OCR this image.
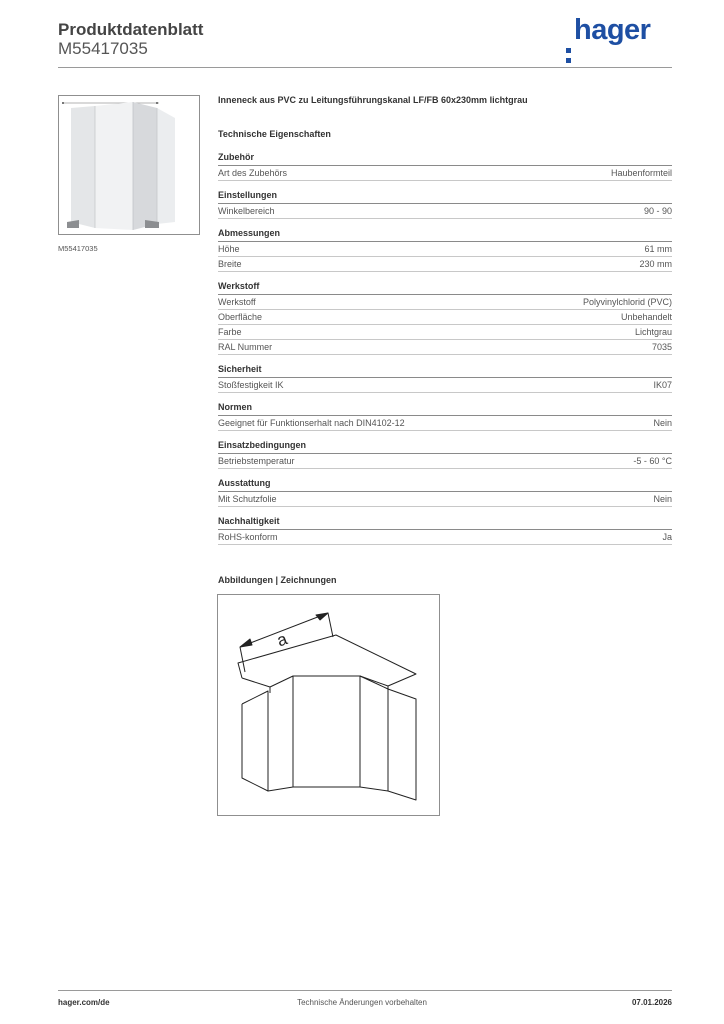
Produktdatenblatt
M55417035
hager
M55417035
Inneneck aus PVC zu Leitungsführungskanal LF/FB 60x230mm lichtgrau
Technische Eigenschaften
Zubehör
Art des Zubehörs	Haubenformteil
Einstellungen
Winkelbereich	90 - 90
Abmessungen
Höhe	61 mm
Breite	230 mm
Werkstoff
Werkstoff	Polyvinylchlorid (PVC)
Oberfläche	Unbehandelt
Farbe	Lichtgrau
RAL Nummer	7035
Sicherheit
Stoßfestigkeit IK	IK07
Normen
Geeignet für Funktionserhalt nach DIN4102-12	Nein
Einsatzbedingungen
Betriebstemperatur	-5 - 60 °C
Ausstattung
Mit Schutzfolie	Nein
Nachhaltigkeit
RoHS-konform	Ja
Abbildungen | Zeichnungen
a
hager.com/de	Technische Änderungen vorbehalten	07.01.2026
